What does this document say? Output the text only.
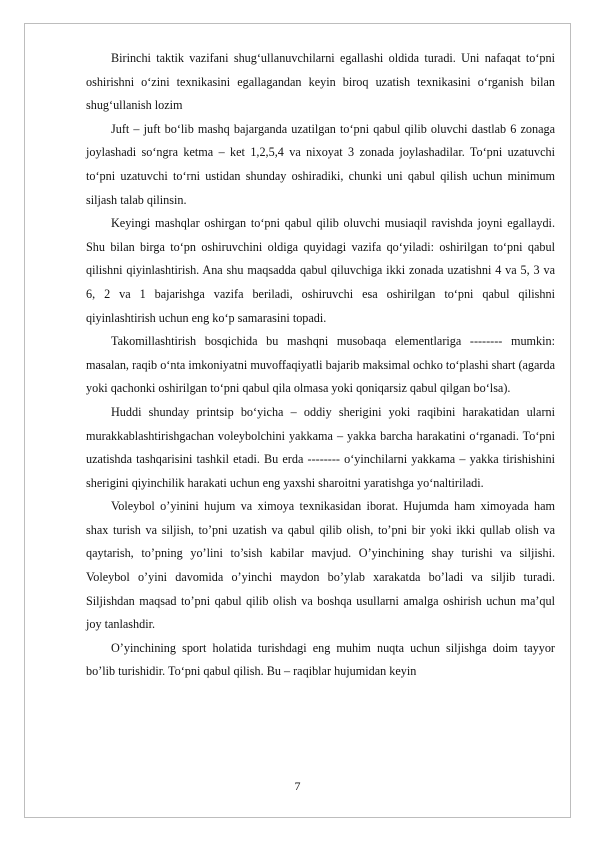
Birinchi taktik vazifani shug‘ullanuvchilarni egallashi oldida turadi. Uni nafaqat to‘pni oshirishni o‘zini texnikasini egallagandan keyin biroq uzatish texnikasini o‘rganish bilan shug‘ullanish lozim

Juft – juft bo‘lib mashq bajarganda uzatilgan to‘pni qabul qilib oluvchi dastlab 6 zonaga joylashadi so‘ngra ketma – ket 1,2,5,4 va nixoyat 3 zonada joylashadilar. To‘pni uzatuvchi to‘pni uzatuvchi to‘rni ustidan shunday oshiradiki, chunki uni qabul qilish uchun minimum siljash talab qilinsin.

Keyingi mashqlar oshirgan to‘pni qabul qilib oluvchi musiaqil ravishda joyni egallaydi. Shu bilan birga to‘pn oshiruvchini oldiga quyidagi vazifa qo‘yiladi: oshirilgan to‘pni qabul qilishni qiyinlashtirish. Ana shu maqsadda qabul qiluvchiga ikki zonada uzatishni 4 va 5, 3 va 6, 2 va 1 bajarishga vazifa beriladi, oshiruvchi esa oshirilgan to‘pni qabul qilishni qiyinlashtirish uchun eng ko‘p samarasini topadi.

Takomillashtirish bosqichida bu mashqni musobaqa elementlariga -------- mumkin: masalan, raqib o‘nta imkoniyatni muvoffaqiyatli bajarib maksimal ochko to‘plashi shart (agarda yoki qachonki oshirilgan to‘pni qabul qila olmasa yoki qoniqarsiz qabul qilgan bo‘lsa).

Huddi shunday printsip bo‘yicha – oddiy sherigini yoki raqibini harakatidan ularni murakkablashtirishgachan voleybolchini yakkama – yakka barcha harakatini o‘rganadi. To‘pni uzatishda tashqarisini tashkil etadi. Bu erda -------- o‘yinchilarni yakkama – yakka tirishishini sherigini qiyinchilik harakati uchun eng yaxshi sharoitni yaratishga yo‘naltiriladi.

Voleybol o’yinini hujum va ximoya texnikasidan iborat. Hujumda ham ximoyada ham shax turish va siljish, to’pni uzatish va qabul qilib olish, to’pni bir yoki ikki qullab olish va qaytarish, to’pning yo’lini to’sish kabilar mavjud. O’yinchining shay turishi va siljishi. Voleybol o’yini davomida o’yinchi maydon bo’ylab xarakatda bo’ladi va siljib turadi. Siljishdan maqsad to’pni qabul qilib olish va boshqa usullarni amalga oshirish uchun ma’qul joy tanlashdir.

O’yinchining sport holatida turishdagi eng muhim nuqta uchun siljishga doim tayyor bo’lib turishidir. To‘pni qabul qilish. Bu – raqiblar hujumidan keyin

7
